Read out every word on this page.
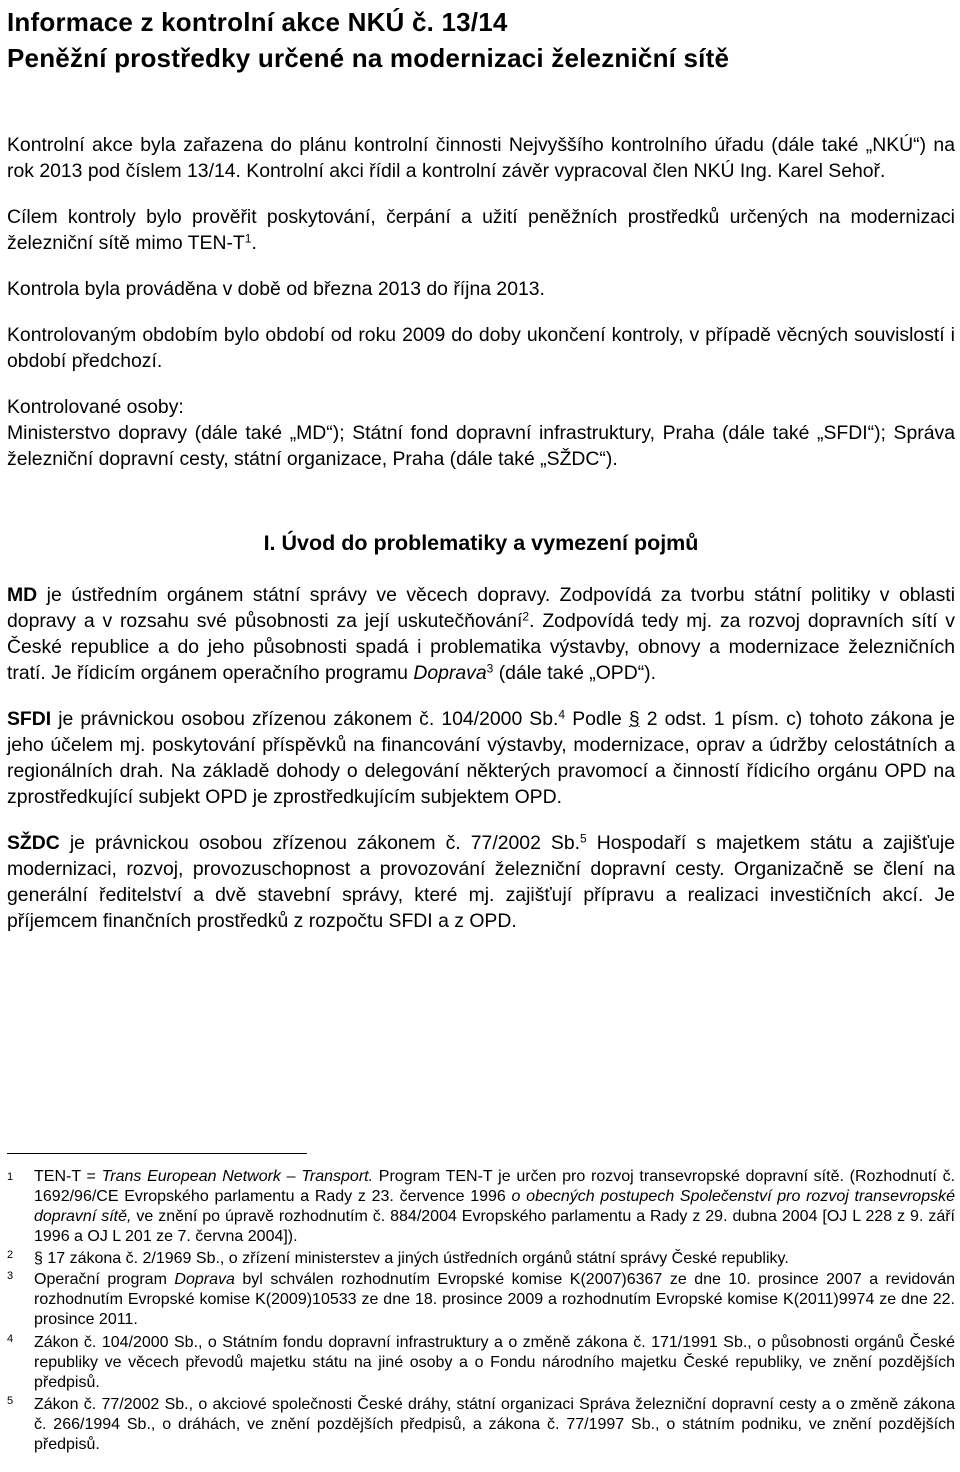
Informace z kontrolní akce NKÚ č. 13/14
Peněžní prostředky určené na modernizaci železniční sítě

Kontrolní akce byla zařazena do plánu kontrolní činnosti Nejvyššího kontrolního úřadu (dále také „NKÚ“) na rok 2013 pod číslem 13/14. Kontrolní akci řídil a kontrolní závěr vypracoval člen NKÚ Ing. Karel Sehoř.

Cílem kontroly bylo prověřit poskytování, čerpání a užití peněžních prostředků určených na modernizaci železniční sítě mimo TEN-$T^1$.

Kontrola byla prováděna v době od března 2013 do října 2013.

Kontrolovaným obdobím bylo období od roku 2009 do doby ukončení kontroly, v případě věcných souvislostí i období předchozí.

Kontrolované osoby:

Ministerstvo dopravy (dále také „MD“); Státní fond dopravní infrastruktury, Praha (dále také „SFDI“); Správa železniční dopravní cesty, státní organizace, Praha (dále také „SŽDC“).

I. Úvod do problematiky a vymezení pojmů

MD je ústředním orgánem státní správy ve věcech dopravy. Zodpovídá za tvorbu státní politiky v oblasti dopravy a v rozsahu své působnosti za její uskutečňování$^2$. Zodpovídá tedy mj. za rozvoj dopravních sítí v České republice a do jeho působnosti spadá i problematika výstavby, obnovy a modernizace železničních tratí. Je řídicím orgánem operačního programu Doprava$^3$ (dále také „OPD“).

SFDI je právnickou osobou zřízenou zákonem č. 104/2000 Sb.$^4$ Podle § 2 odst. 1 písm. c) tohoto zákona je jeho účelem mj. poskytování příspěvků na financování výstavby, modernizace, oprav a údržby celostátních a regionálních drah. Na základě dohody o delegování některých pravomocí a činností řídicího orgánu OPD na zprostředkující subjekt OPD je zprostředkujícím subjektem OPD.

SŽDC je právnickou osobou zřízenou zákonem č. 77/2002 Sb.$^5$ Hospodaří s majetkem státu a zajišťuje modernizaci, rozvoj, provozuschopnost a provozování železniční dopravní cesty. Organizačně se člení na generální ředitelství a dvě stavební správy, které mj. zajišťují přípravu a realizaci investičních akcí. Je příjemcem finančních prostředků z rozpočtu SFDI a z OPD.

1 TEN-T = Trans European Network – Transport. Program TEN-T je určen pro rozvoj transevropské dopravní sítě. (Rozhodnutí č. 1692/96/CE Evropského parlamentu a Rady z 23. července 1996 o obecných postupech Společenství pro rozvoj transevropské dopravní sítě, ve znění po úpravě rozhodnutím č. 884/2004 Evropského parlamentu a Rady z 29. dubna 2004 [OJ L 228 z 9. září 1996 a OJ L 201 ze 7. června 2004]).
2 § 17 zákona č. 2/1969 Sb., o zřízení ministerstev a jiných ústředních orgánů státní správy České republiky.
3 Operační program Doprava byl schválen rozhodnutím Evropské komise K(2007)6367 ze dne 10. prosince 2007 a revidován rozhodnutím Evropské komise K(2009)10533 ze dne 18. prosince 2009 a rozhodnutím Evropské komise K(2011)9974 ze dne 22. prosince 2011.
4 Zákon č. 104/2000 Sb., o Státním fondu dopravní infrastruktury a o změně zákona č. 171/1991 Sb., o působnosti orgánů České republiky ve věcech převodů majetku státu na jiné osoby a o Fondu národního majetku České republiky, ve znění pozdějších předpisů.
5 Zákon č. 77/2002 Sb., o akciové společnosti České dráhy, státní organizaci Správa železniční dopravní cesty a o změně zákona č. 266/1994 Sb., o dráhách, ve znění pozdějších předpisů, a zákona č. 77/1997 Sb., o státním podniku, ve znění pozdějších předpisů.
